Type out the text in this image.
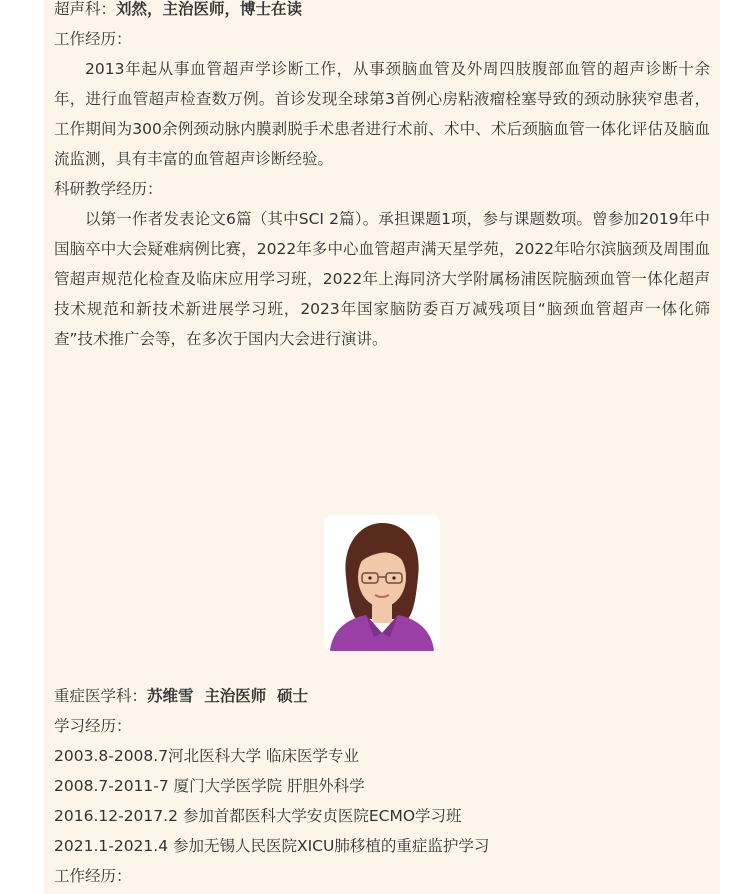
超声科：刘然，主治医师，博士在读

工作经历：

2013年起从事血管超声学诊断工作，从事颈脑血管及外周四肢腹部血管的超声诊断十余年，进行血管超声检查数万例。首诊发现全球第3首例心房粘液瘤栓塞导致的颈动脉狭窄患者，工作期间为300余例颈动脉内膜剥脱手术患者进行术前、术中、术后颈脑血管一体化评估及脑血流监测，具有丰富的血管超声诊断经验。

科研教学经历：

以第一作者发表论文6篇（其中SCI 2篇）。承担课题1项，参与课题数项。曾参加2019年中国脑卒中大会疑难病例比赛，2022年多中心血管超声满天星学苑，2022年哈尔滨脑颈及周围血管超声规范化检查及临床应用学习班，2022年上海同济大学附属杨浦医院脑颈血管一体化超声技术规范和新技术新进展学习班，2023年国家脑防委百万减残项目“脑颈血管超声一体化筛查”技术推广会等，在多次于国内大会进行演讲。

重症医学科：苏维雪  主治医师  硕士

学习经历：

2003.8-2008.7河北医科大学 临床医学专业

2008.7-2011-7 厦门大学医学院 肝胆外科学

2016.12-2017.2 参加首都医科大学安贞医院ECMO学习班

2021.1-2021.4 参加无锡人民医院XICU肺移植的重症监护学习

工作经历：
